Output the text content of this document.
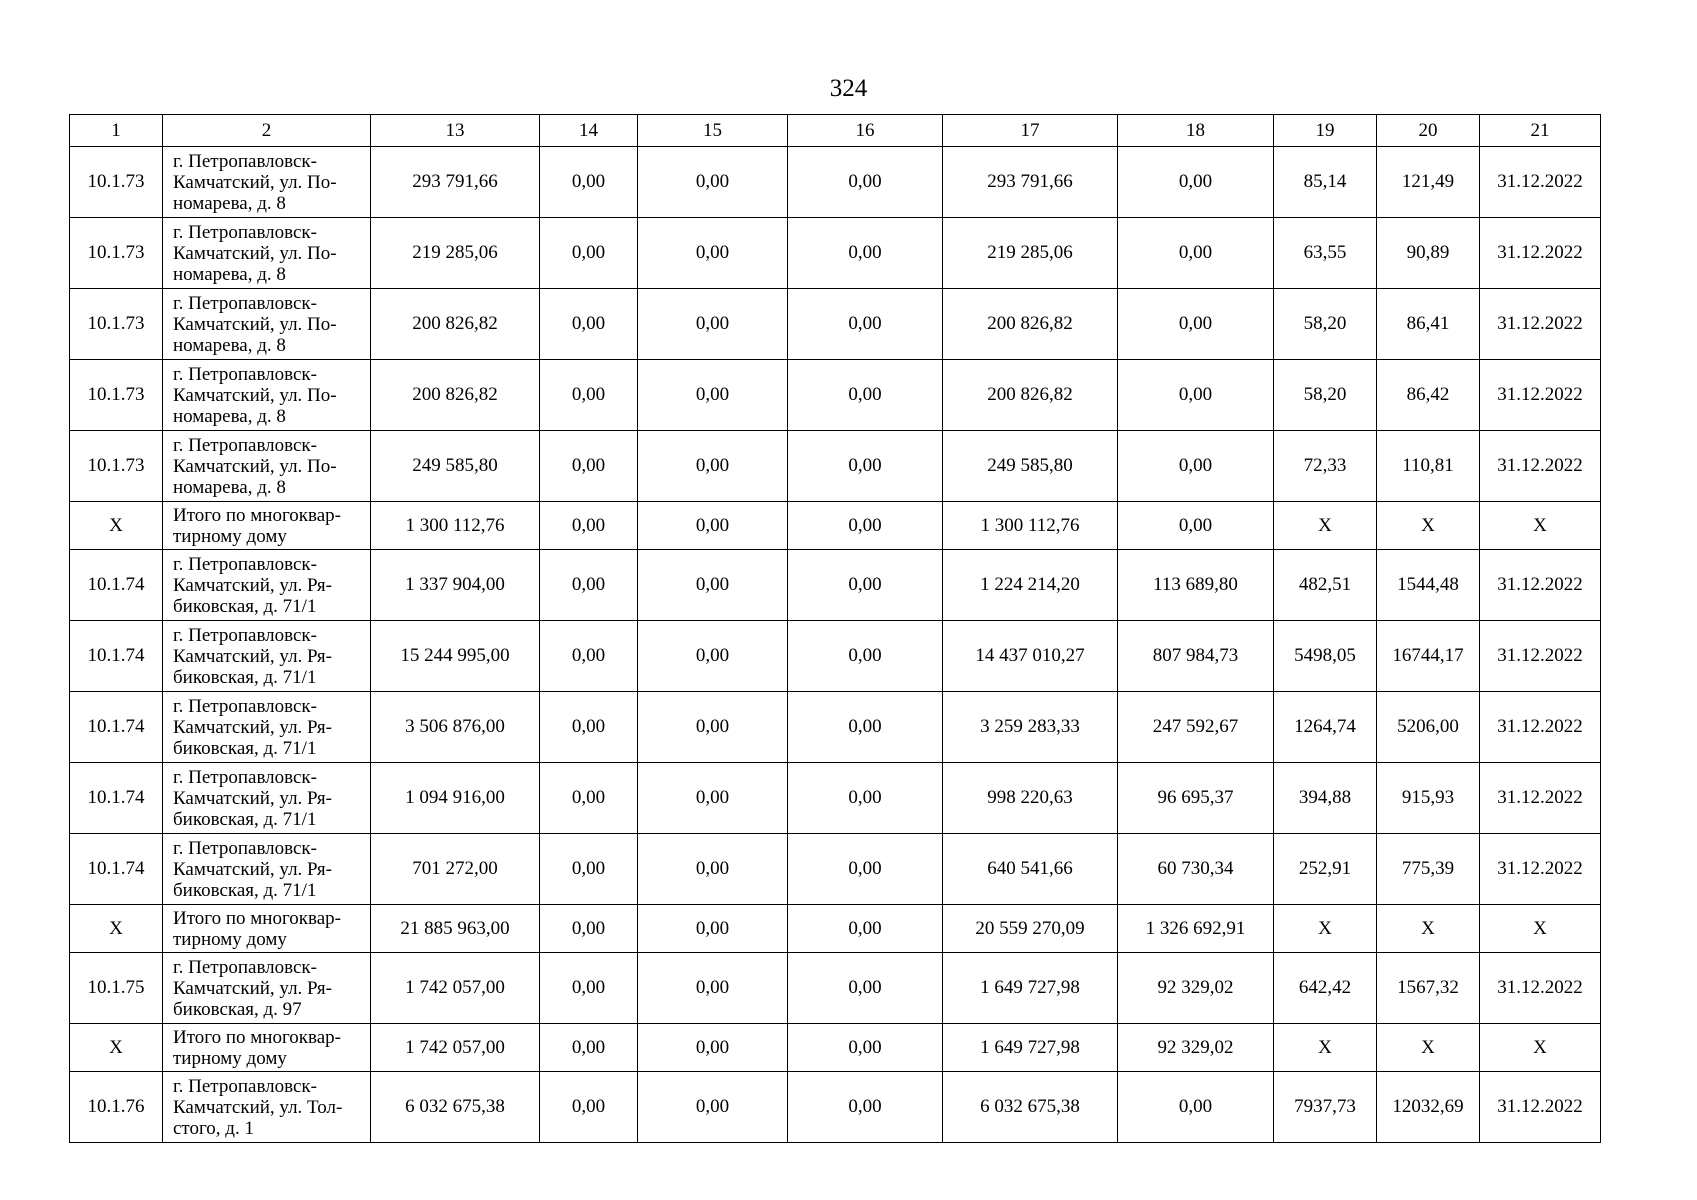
324
1	2	13	14	15	16	17	18	19	20	21
10.1.73	г. Петропавловск-
Камчатский, ул. По-
номарева, д. 8	293 791,66	0,00	0,00	0,00	293 791,66	0,00	85,14	121,49	31.12.2022
10.1.73	г. Петропавловск-
Камчатский, ул. По-
номарева, д. 8	219 285,06	0,00	0,00	0,00	219 285,06	0,00	63,55	90,89	31.12.2022
10.1.73	г. Петропавловск-
Камчатский, ул. По-
номарева, д. 8	200 826,82	0,00	0,00	0,00	200 826,82	0,00	58,20	86,41	31.12.2022
10.1.73	г. Петропавловск-
Камчатский, ул. По-
номарева, д. 8	200 826,82	0,00	0,00	0,00	200 826,82	0,00	58,20	86,42	31.12.2022
10.1.73	г. Петропавловск-
Камчатский, ул. По-
номарева, д. 8	249 585,80	0,00	0,00	0,00	249 585,80	0,00	72,33	110,81	31.12.2022
X	Итого по многоквар-
тирному дому	1 300 112,76	0,00	0,00	0,00	1 300 112,76	0,00	X	X	X
10.1.74	г. Петропавловск-
Камчатский, ул. Ря-
биковская, д. 71/1	1 337 904,00	0,00	0,00	0,00	1 224 214,20	113 689,80	482,51	1544,48	31.12.2022
10.1.74	г. Петропавловск-
Камчатский, ул. Ря-
биковская, д. 71/1	15 244 995,00	0,00	0,00	0,00	14 437 010,27	807 984,73	5498,05	16744,17	31.12.2022
10.1.74	г. Петропавловск-
Камчатский, ул. Ря-
биковская, д. 71/1	3 506 876,00	0,00	0,00	0,00	3 259 283,33	247 592,67	1264,74	5206,00	31.12.2022
10.1.74	г. Петропавловск-
Камчатский, ул. Ря-
биковская, д. 71/1	1 094 916,00	0,00	0,00	0,00	998 220,63	96 695,37	394,88	915,93	31.12.2022
10.1.74	г. Петропавловск-
Камчатский, ул. Ря-
биковская, д. 71/1	701 272,00	0,00	0,00	0,00	640 541,66	60 730,34	252,91	775,39	31.12.2022
X	Итого по многоквар-
тирному дому	21 885 963,00	0,00	0,00	0,00	20 559 270,09	1 326 692,91	X	X	X
10.1.75	г. Петропавловск-
Камчатский, ул. Ря-
биковская, д. 97	1 742 057,00	0,00	0,00	0,00	1 649 727,98	92 329,02	642,42	1567,32	31.12.2022
X	Итого по многоквар-
тирному дому	1 742 057,00	0,00	0,00	0,00	1 649 727,98	92 329,02	X	X	X
10.1.76	г. Петропавловск-
Камчатский, ул. Тол-
стого, д. 1	6 032 675,38	0,00	0,00	0,00	6 032 675,38	0,00	7937,73	12032,69	31.12.2022
